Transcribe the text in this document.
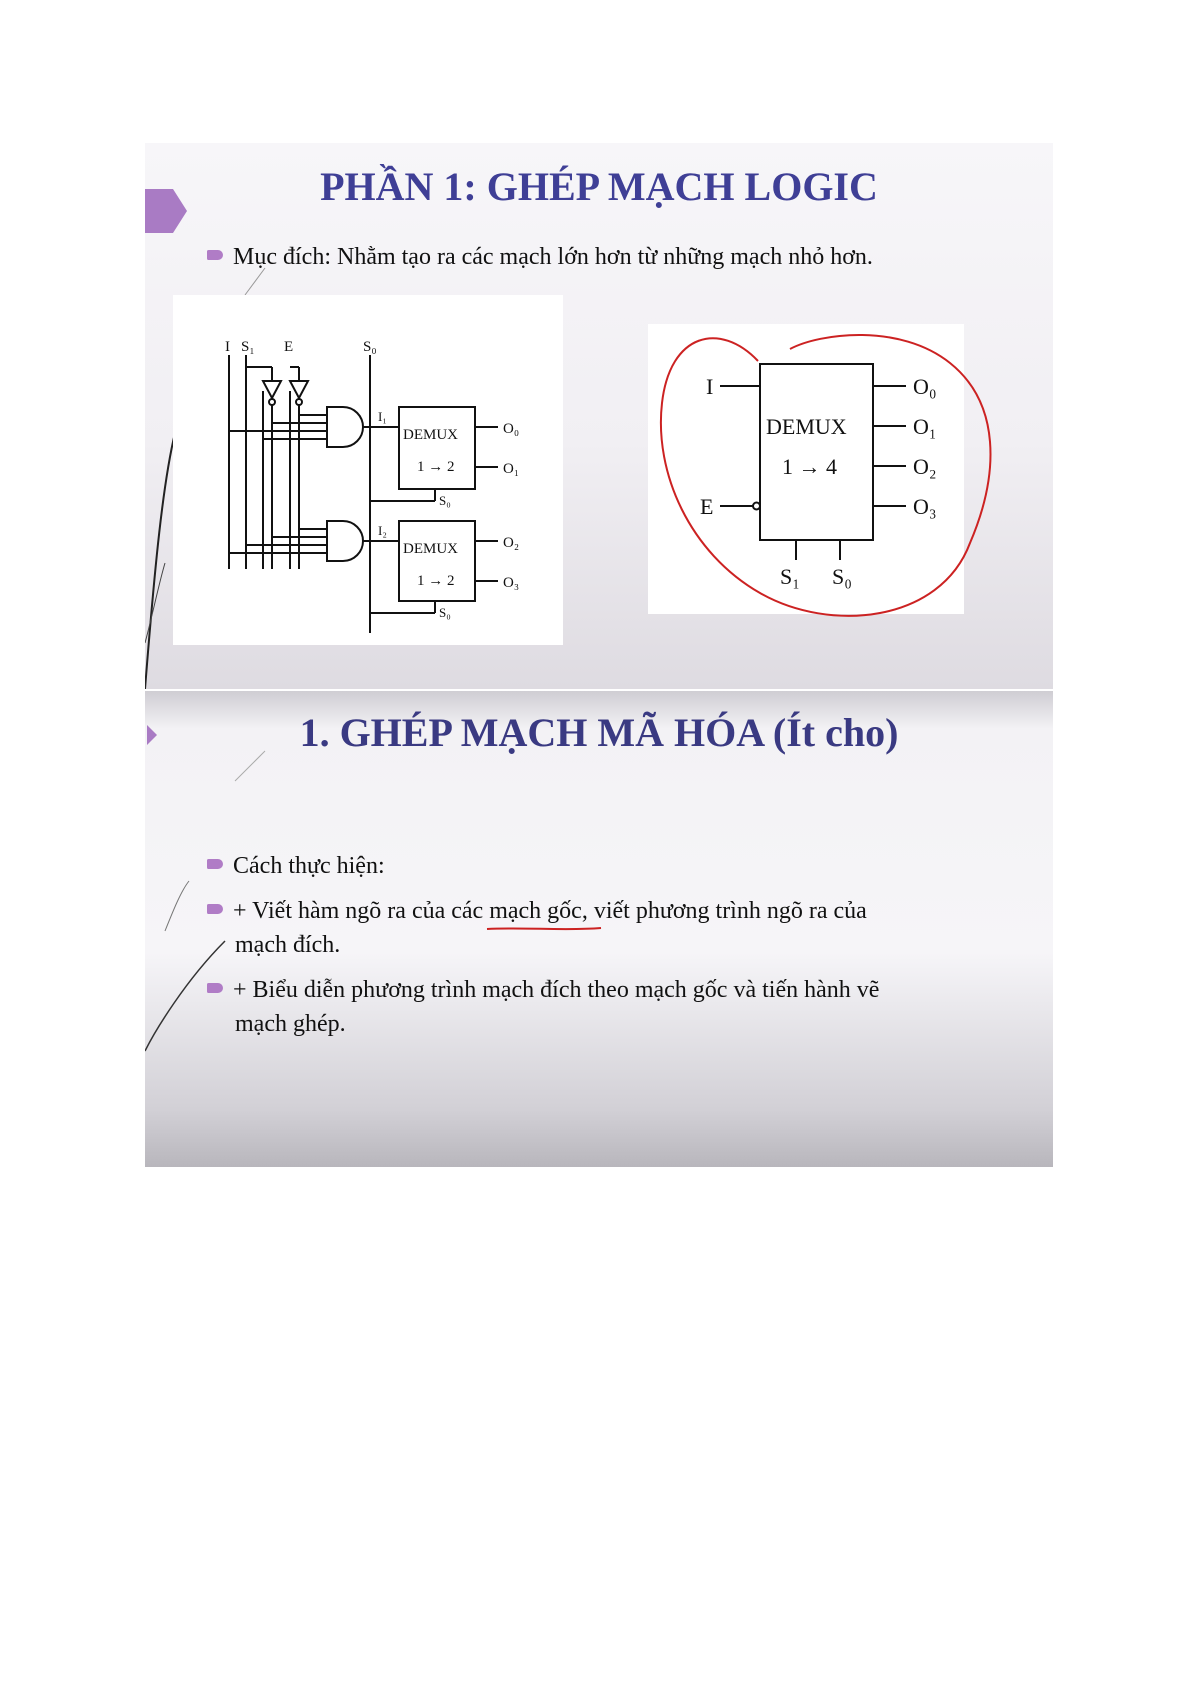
PHẦN 1: GHÉP MẠCH LOGIC
Mục đích: Nhằm tạo ra các mạch lớn hơn từ những mạch nhỏ hơn.
I S₁ E	S₀
I₁
DEMUX
1 → 2
S₀
O₀
O₁
I₂
DEMUX
1 → 2
S₀
O₂
O₃
I
E
DEMUX
1 → 4
O₀
O₁
O₂
O₃
S₁ S₀
1. GHÉP MẠCH MÃ HÓA (Ít cho)
Cách thực hiện:
+ Viết hàm ngõ ra của các mạch gốc, viết phương trình ngõ ra của
mạch đích.
+ Biểu diễn phương trình mạch đích theo mạch gốc và tiến hành vẽ
mạch ghép.
